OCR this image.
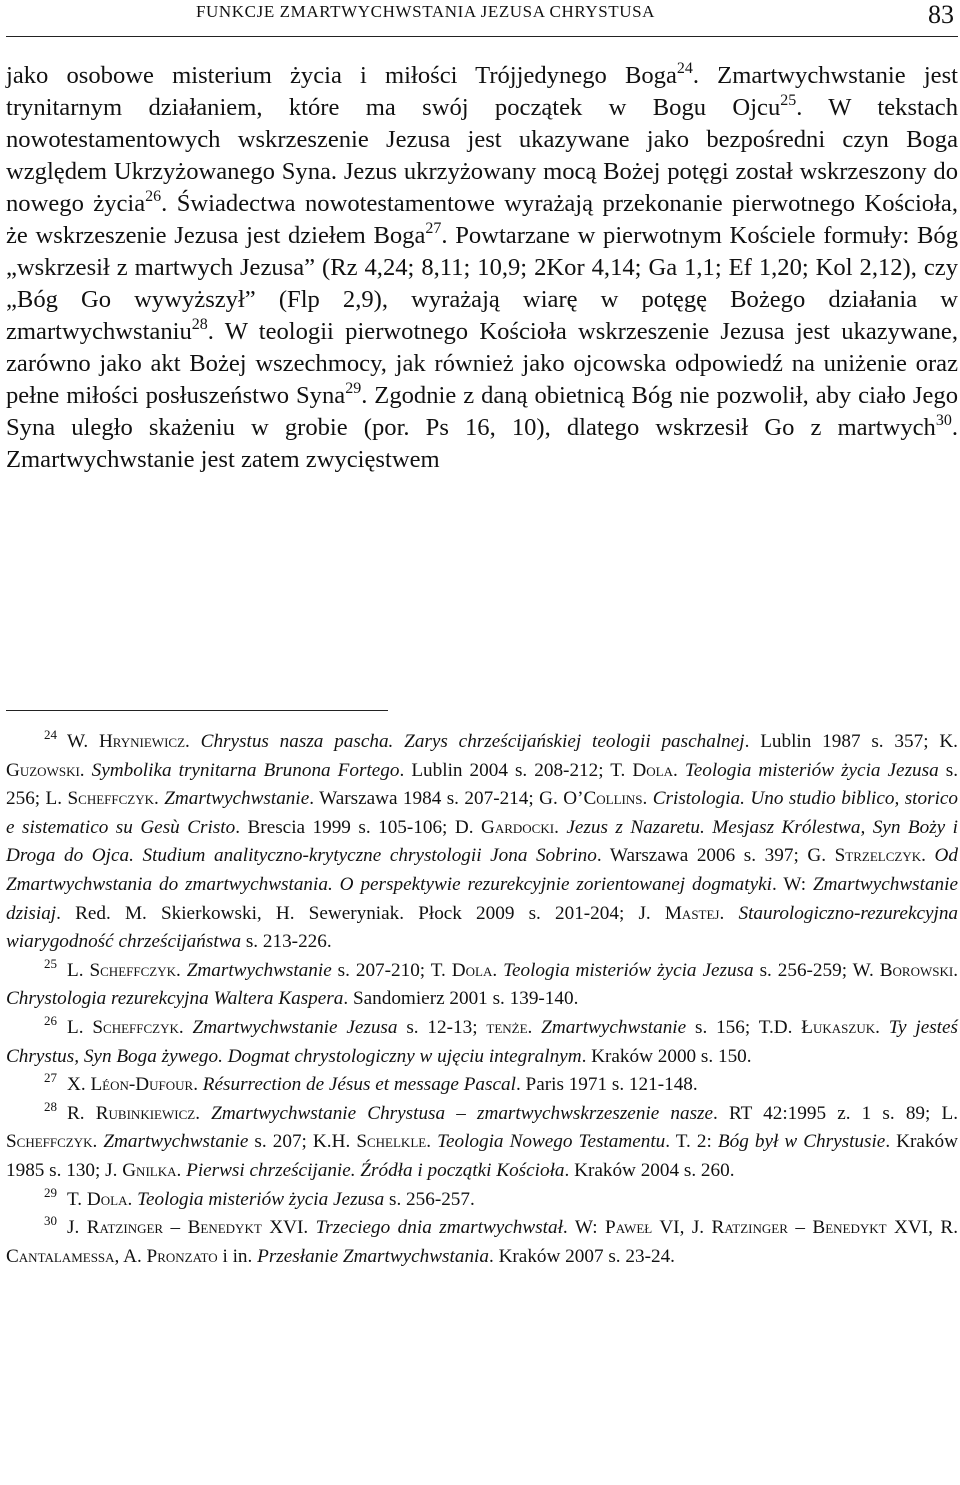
FUNKCJE ZMARTWYCHWSTANIA JEZUSA CHRYSTUSA	83

jako osobowe misterium życia i miłości Trójjedynego Boga$^{24}$. Zmartwychwstanie jest trynitarnym działaniem, które ma swój początek w Bogu Ojcu$^{25}$. W tekstach nowotestamentowych wskrzeszenie Jezusa jest ukazywane jako bezpośredni czyn Boga względem Ukrzyżowanego Syna. Jezus ukrzyżowany mocą Bożej potęgi został wskrzeszony do nowego życia$^{26}$. Świadectwa nowotestamentowe wyrażają przekonanie pierwotnego Kościoła, że wskrzeszenie Jezusa jest dziełem Boga$^{27}$. Powtarzane w pierwotnym Kościele formuły: Bóg „wskrzesił z martwych Jezusa” (Rz 4,24; 8,11; 10,9; 2Kor 4,14; Ga 1,1; Ef 1,20; Kol 2,12), czy „Bóg Go wywyższył” (Flp 2,9), wyrażają wiarę w potęgę Bożego działania w zmartwychwstaniu$^{28}$. W teologii pierwotnego Kościoła wskrzeszenie Jezusa jest ukazywane, zarówno jako akt Bożej wszechmocy, jak również jako ojcowska odpowiedź na uniżenie oraz pełne miłości posłuszeństwo Syna$^{29}$. Zgodnie z daną obietnicą Bóg nie pozwolił, aby ciało Jego Syna uległo skażeniu w grobie (por. Ps 16, 10), dlatego wskrzesił Go z martwych$^{30}$. Zmartwychwstanie jest zatem zwycięstwem

$^{24}$ W. Hryniewicz. Chrystus nasza pascha. Zarys chrześcijańskiej teologii paschalnej. Lublin 1987 s. 357; K. Guzowski. Symbolika trynitarna Brunona Fortego. Lublin 2004 s. 208-212; T. Dola. Teologia misteriów życia Jezusa s. 256; L. Scheffczyk. Zmartwychwstanie. Warszawa 1984 s. 207-214; G. O’Collins. Cristologia. Uno studio biblico, storico e sistematico su Gesù Cristo. Brescia 1999 s. 105-106; D. Gardocki. Jezus z Nazaretu. Mesjasz Królestwa, Syn Boży i Droga do Ojca. Studium analityczno-krytyczne chrystologii Jona Sobrino. Warszawa 2006 s. 397; G. Strzelczyk. Od Zmartwychwstania do zmartwychwstania. O perspektywie rezurekcyjnie zorientowanej dogmatyki. W: Zmartwychwstanie dzisiaj. Red. M. Skierkowski, H. Seweryniak. Płock 2009 s. 201-204; J. Mastej. Staurologiczno-rezurekcyjna wiarygodność chrześcijaństwa s. 213-226.

$^{25}$ L. Scheffczyk. Zmartwychwstanie s. 207-210; T. Dola. Teologia misteriów życia Jezusa s. 256-259; W. Borowski. Chrystologia rezurekcyjna Waltera Kaspera. Sandomierz 2001 s. 139-140.

$^{26}$ L. Scheffczyk. Zmartwychwstanie Jezusa s. 12-13; tenże. Zmartwychwstanie s. 156; T.D. Łukaszuk. Ty jesteś Chrystus, Syn Boga żywego. Dogmat chrystologiczny w ujęciu integralnym. Kraków 2000 s. 150.

$^{27}$ X. Léon-Dufour. Résurrection de Jésus et message Pascal. Paris 1971 s. 121-148.

$^{28}$ R. Rubinkiewicz. Zmartwychwstanie Chrystusa – zmartwychwskrzeszenie nasze. RT 42:1995 z. 1 s. 89; L. Scheffczyk. Zmartwychwstanie s. 207; K.H. Schelkle. Teologia Nowego Testamentu. T. 2: Bóg był w Chrystusie. Kraków 1985 s. 130; J. Gnilka. Pierwsi chrześcijanie. Źródła i początki Kościoła. Kraków 2004 s. 260.

$^{29}$ T. Dola. Teologia misteriów życia Jezusa s. 256-257.

$^{30}$ J. Ratzinger – Benedykt XVI. Trzeciego dnia zmartwychwstał. W: Paweł VI, J. Ratzinger – Benedykt XVI, R. Cantalamessa, A. Pronzato i in. Przesłanie Zmartwychwstania. Kraków 2007 s. 23-24.
